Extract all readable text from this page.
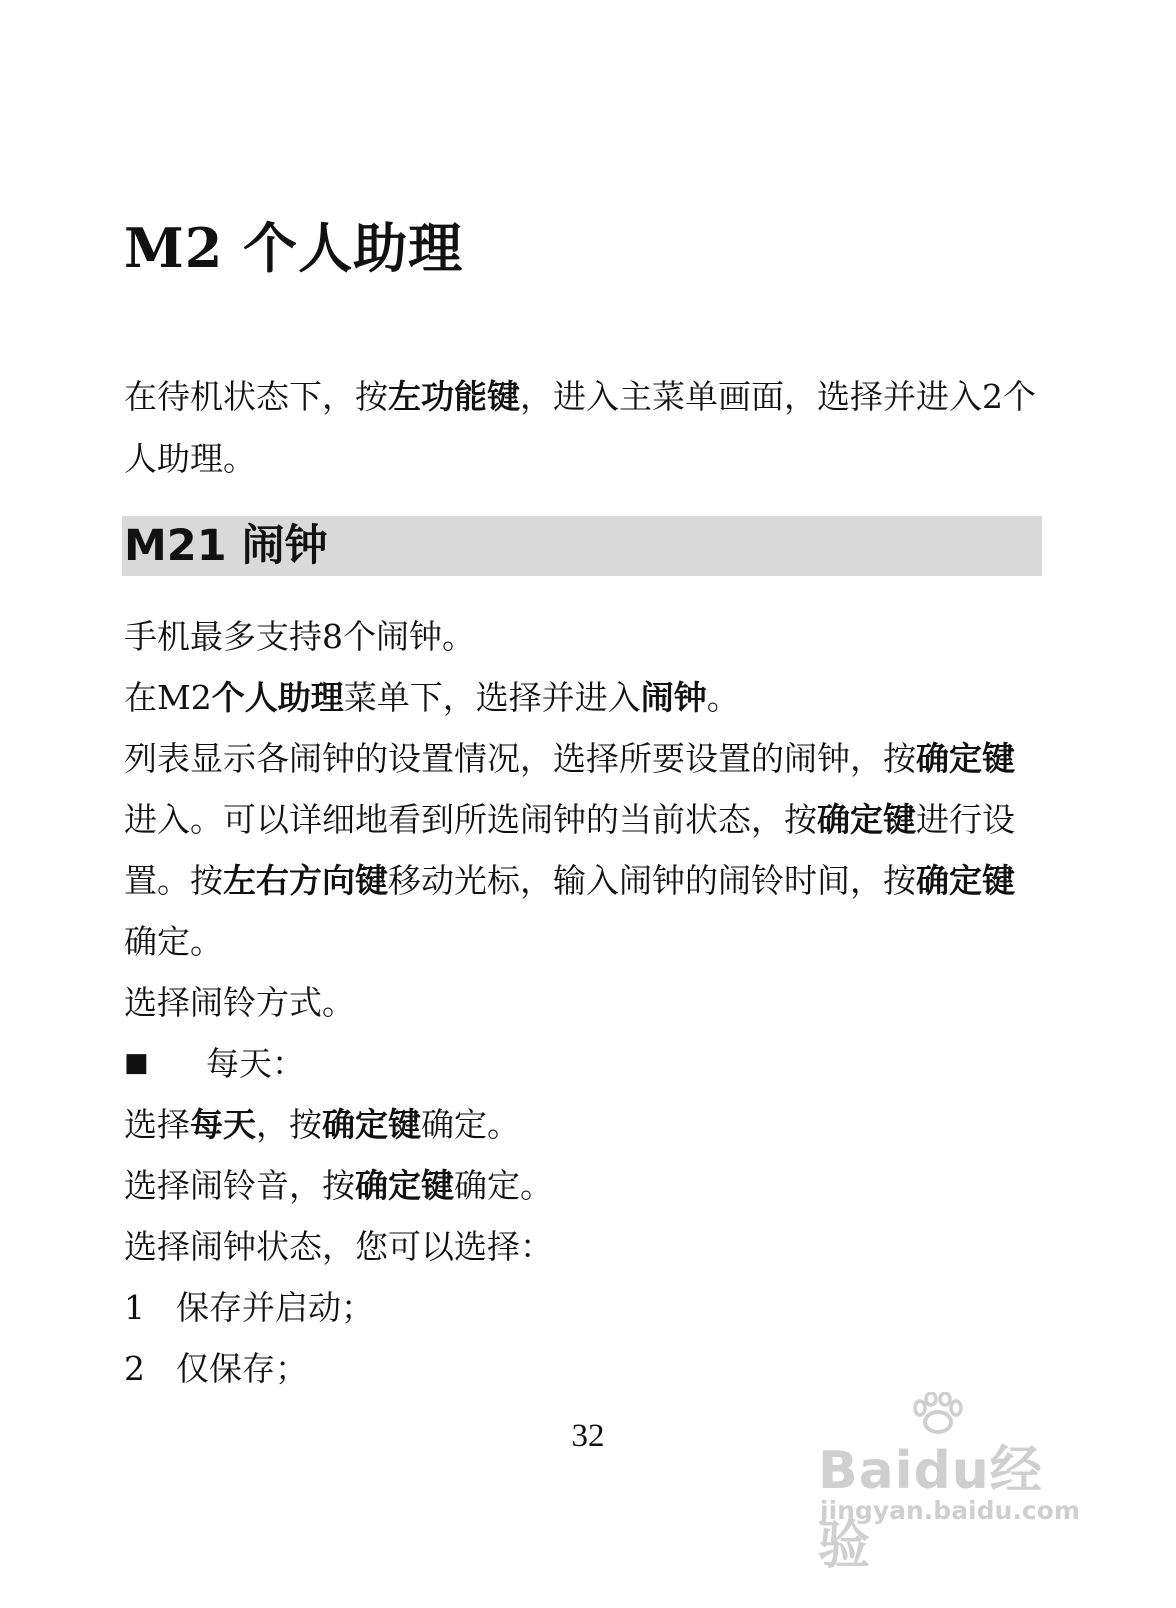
M2 个人助理

在待机状态下，按左功能键，进入主菜单画面，选择并进入2个人助理。

M21 闹钟

手机最多支持8个闹钟。

在M2个人助理菜单下，选择并进入闹钟。

列表显示各闹钟的设置情况，选择所要设置的闹钟，按确定键进入。可以详细地看到所选闹钟的当前状态，按确定键进行设置。按左右方向键移动光标，输入闹钟的闹铃时间，按确定键确定。

选择闹铃方式。

■	每天：

选择每天，按确定键确定。

选择闹铃音，按确定键确定。

选择闹钟状态，您可以选择：

1 保存并启动；
2 仅保存；
32
Baidu经验
jingyan.baidu.com
